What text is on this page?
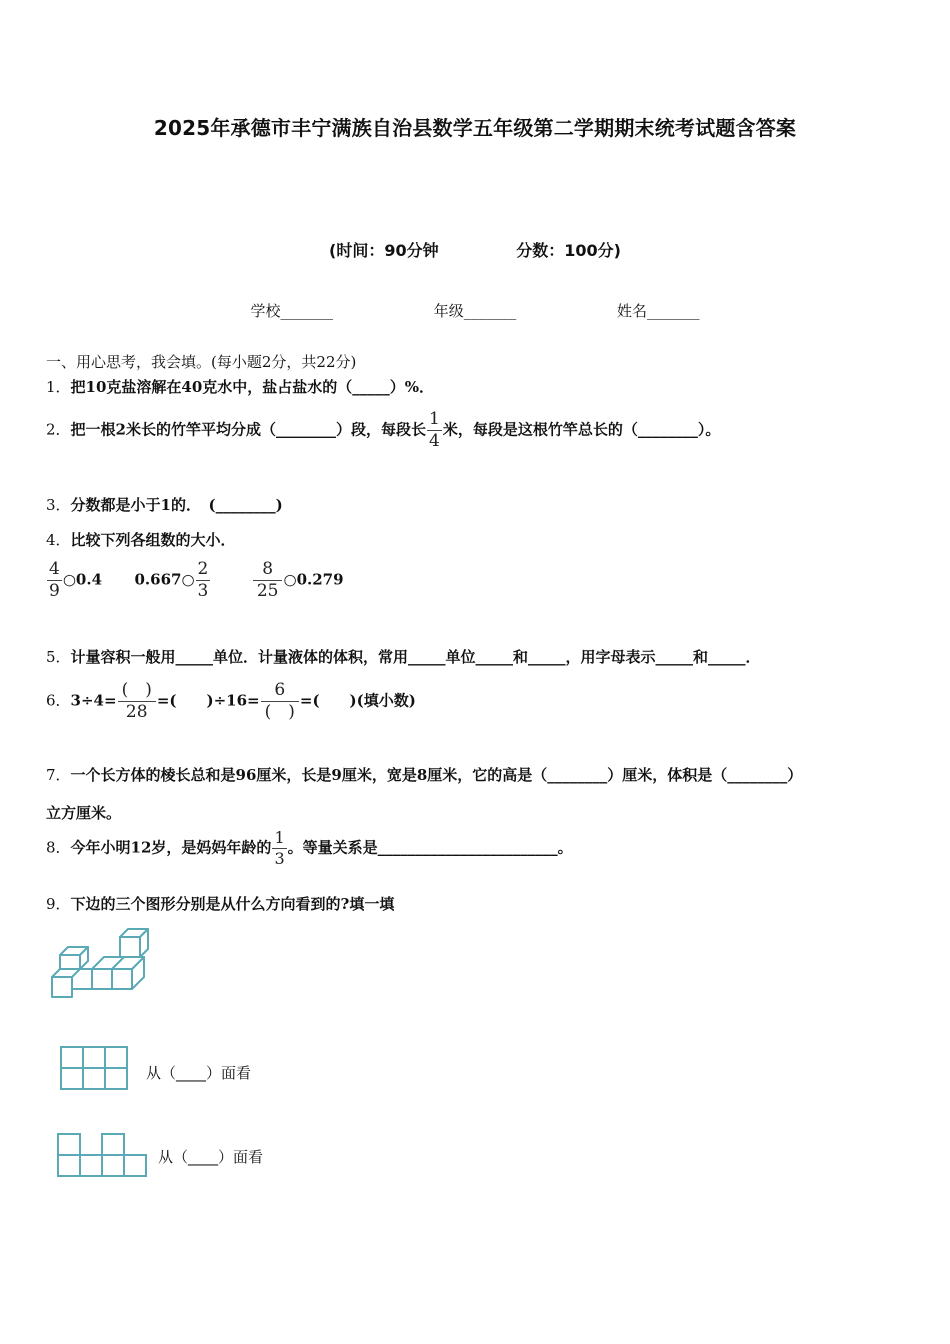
2025年承德市丰宁满族自治县数学五年级第二学期期末统考试题含答案
(时间：90分钟	分数：100分)
学校_______	年级_______	姓名_______
一、用心思考，我会填。(每小题2分，共22分)
1．把10克盐溶解在40克水中，盐占盐水的（_____）%．
2．把一根2米长的竹竿平均分成（________）段，每段长 $\frac{1}{4}$ 米，每段是这根竹竿总长的（________）。
3．分数都是小于1的．　(________)
4．比较下列各组数的大小．
$\frac{4}{9}$ ○0.4 0.667○ $\frac{2}{3}$
$\frac{8}{25}$ ○0.279
5．计量容积一般用_____单位．计量液体的体积，常用_____单位_____和_____，用字母表示_____和_____．
6．$3\div 4= \frac{( )}{28}$ =(　　)$\div 16= \frac{6}{( )}$ =(　　)(填小数)
7．一个长方体的棱长总和是96厘米，长是9厘米，宽是8厘米，它的高是（________）厘米，体积是（________）
立方厘米。
8．今年小明12岁，是妈妈年龄的 $\frac{1}{3}$ 。等量关系是________________________。
9．下边的三个图形分别是从什么方向看到的?填一填
从（____）面看
从（____）面看
